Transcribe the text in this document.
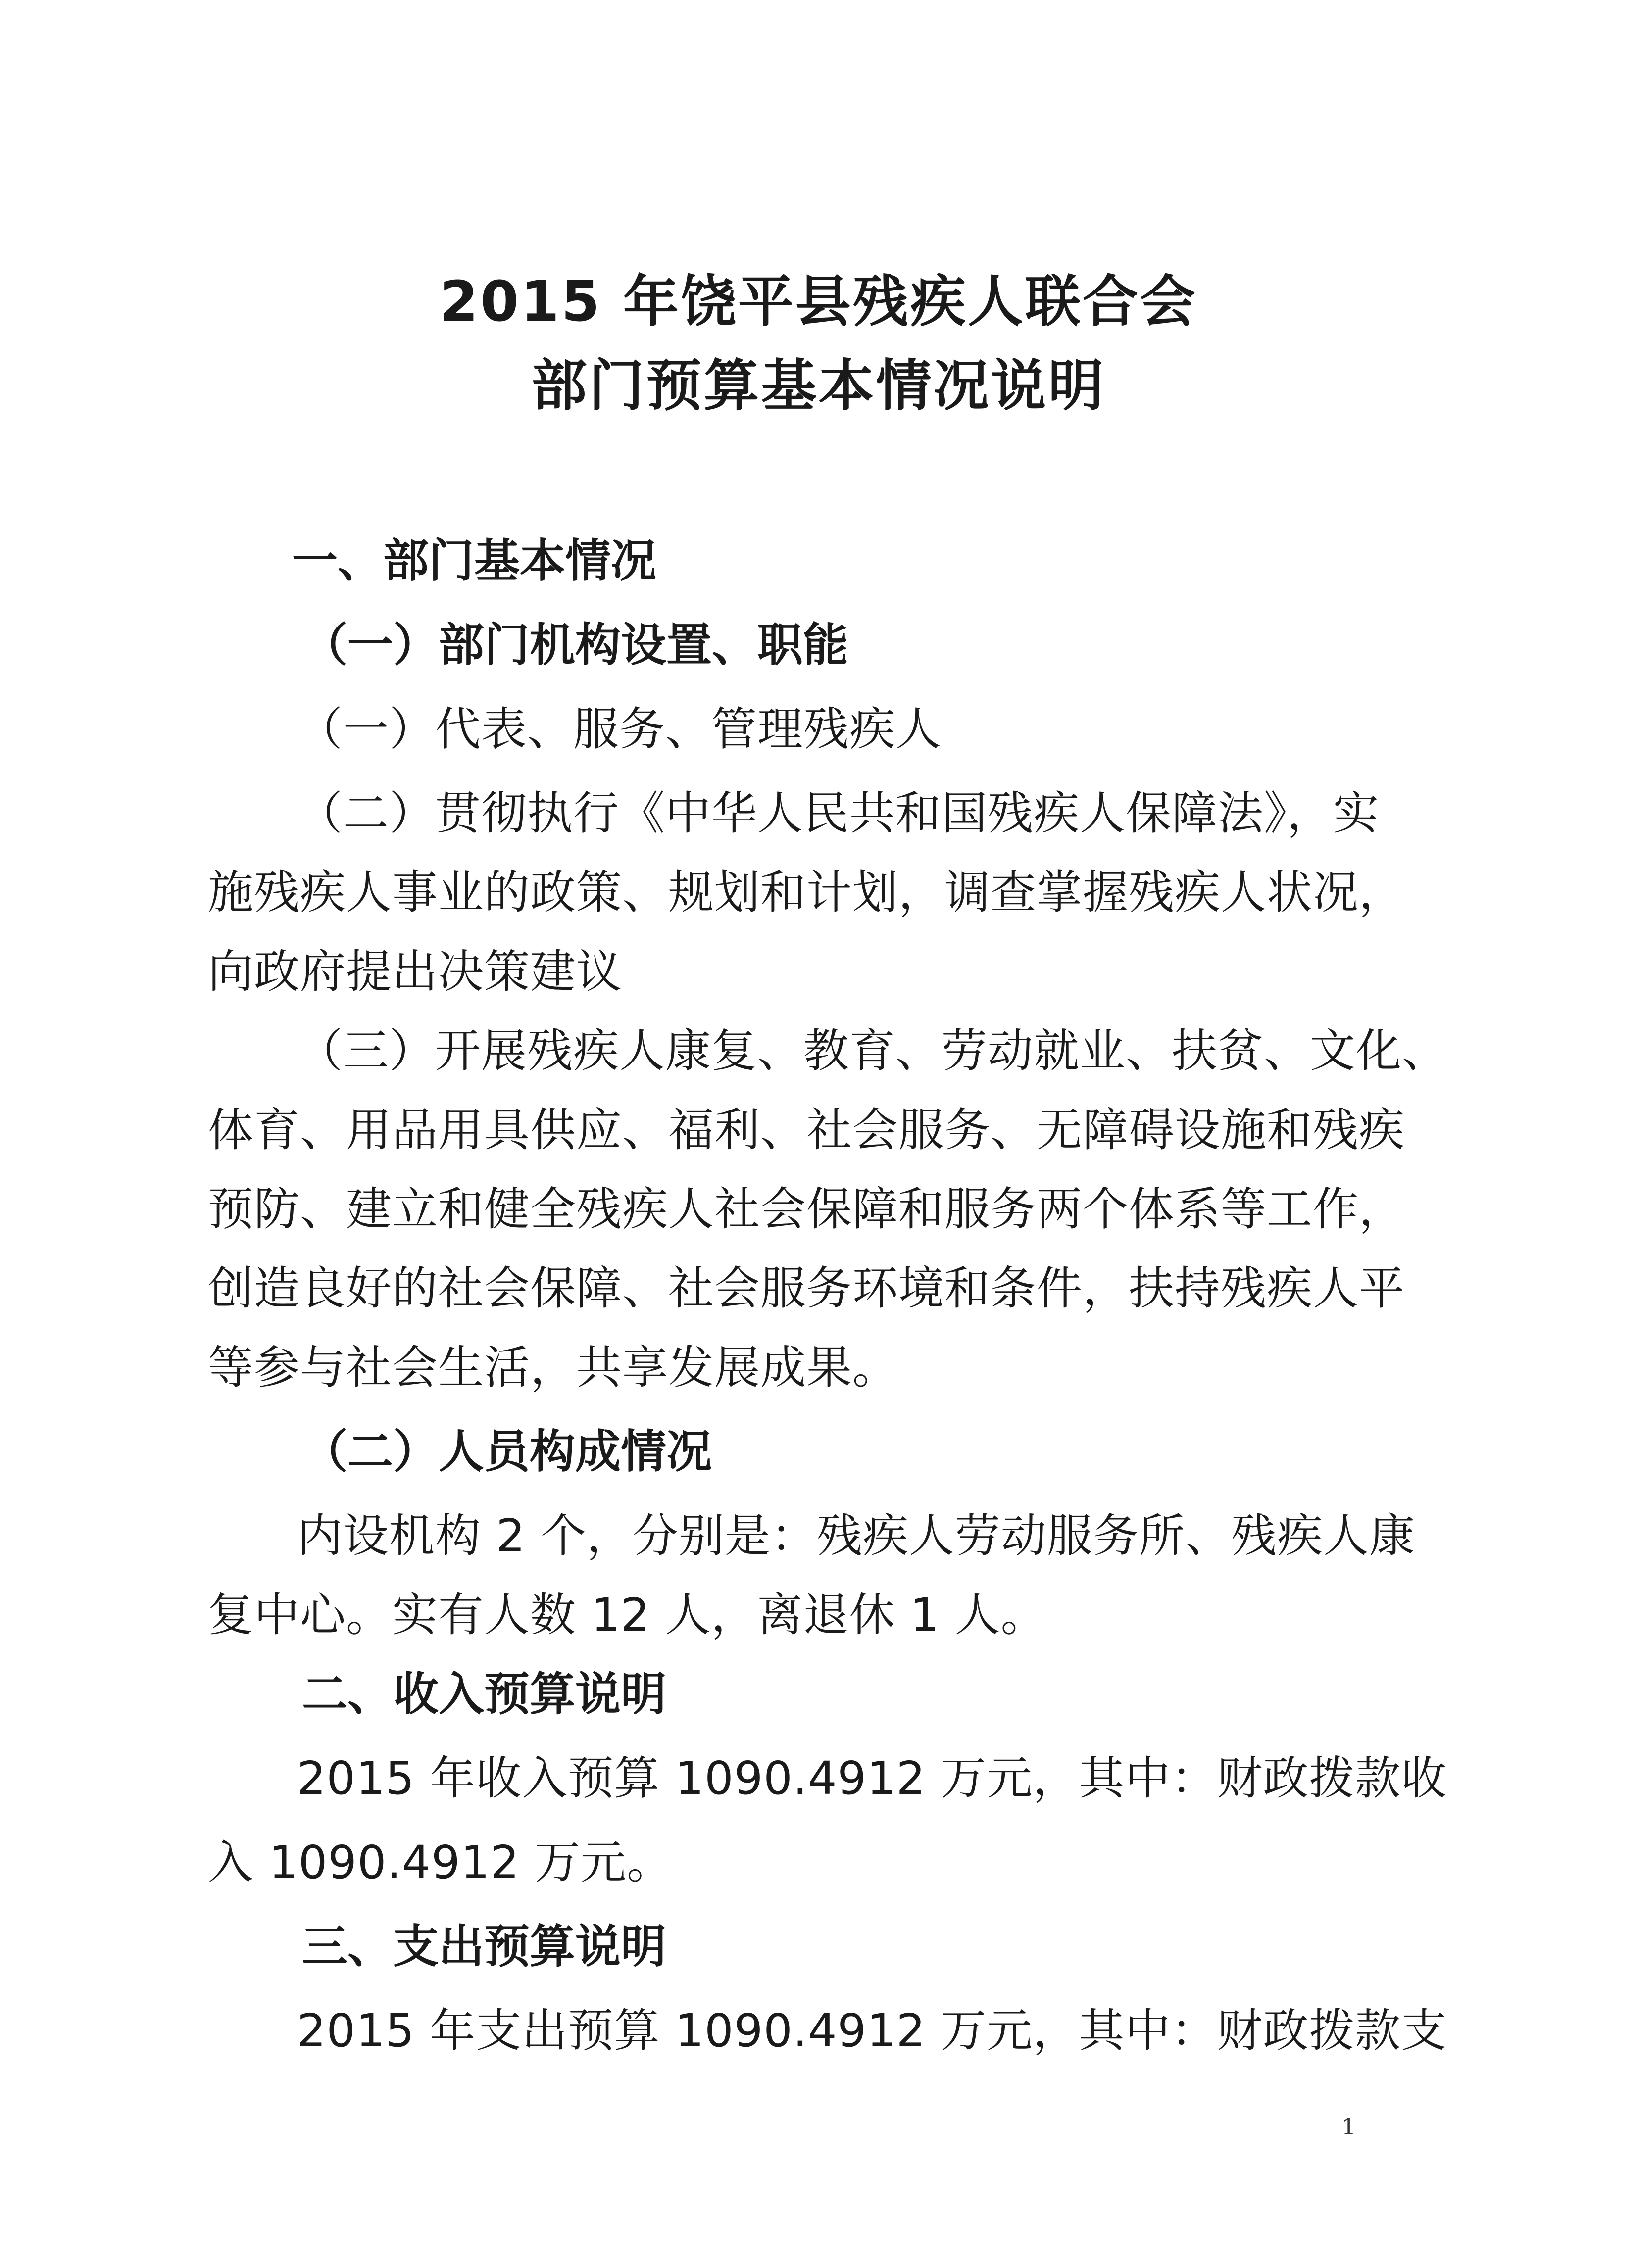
2015 年饶平县残疾人联合会
部门预算基本情况说明
一、部门基本情况
（一）部门机构设置、职能
（一）代表、服务、管理残疾人
（二）贯彻执行《中华人民共和国残疾人保障法》，实
施残疾人事业的政策、规划和计划，调查掌握残疾人状况，
向政府提出决策建议
（三）开展残疾人康复、教育、劳动就业、扶贫、文化、
体育、用品用具供应、福利、社会服务、无障碍设施和残疾
预防、建立和健全残疾人社会保障和服务两个体系等工作，
创造良好的社会保障、社会服务环境和条件，扶持残疾人平
等参与社会生活，共享发展成果。
（二）人员构成情况
内设机构 2 个，分别是：残疾人劳动服务所、残疾人康
复中心。实有人数 12 人，离退休 1 人。
二、收入预算说明
2015 年收入预算 1090.4912 万元，其中：财政拨款收
入 1090.4912 万元。
三、支出预算说明
2015 年支出预算 1090.4912 万元，其中：财政拨款支
1
